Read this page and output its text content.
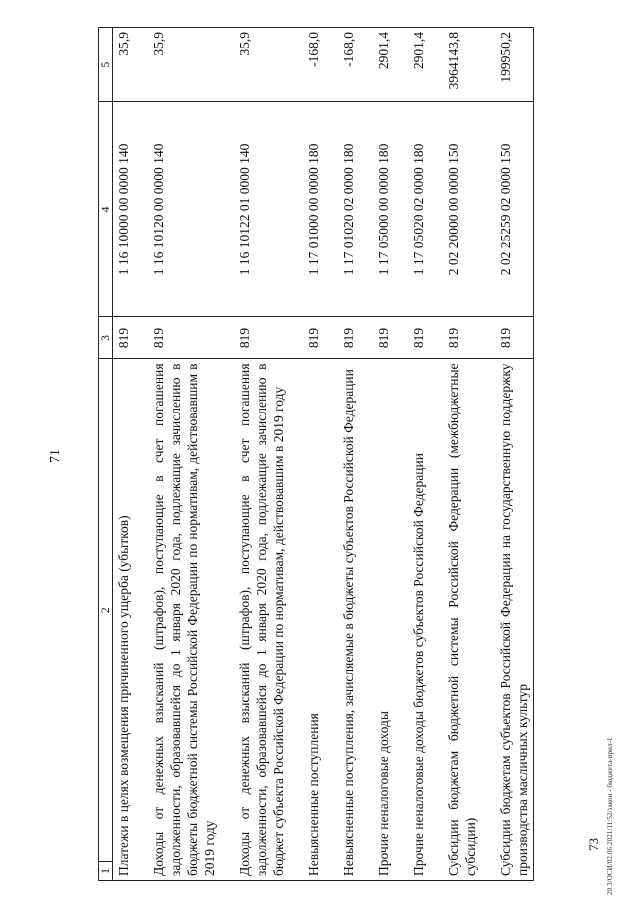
71
73 20.3/ОСИ/02.06.2021/11:52/закон - бюджета-прил-1
1	2	3	4	5
Платежи в целях возмещения причиненного ущерба (убытков)		819	1 16 10000 00 0000 140	35,9

Доходы от денежных взысканий (штрафов), поступающие в счет погашения задолженности, образовавшейся до 1 января 2020 года, подлежащие зачислению в бюджеты бюджетной системы Российской Федерации по нормативам, действовавшим в 2019 году		819	1 16 10120 00 0000 140	35,9

Доходы от денежных взысканий (штрафов), поступающие в счет погашения задолженности, образовавшейся до 1 января 2020 года, подлежащие зачислению в бюджет субъекта Российской Федерации по нормативам, действовавшим в 2019 году		819	1 16 10122 01 0000 140	35,9

Невыясненные поступления		819	1 17 01000 00 0000 180	-168,0

Невыясненные поступления, зачисляемые в бюджеты субъектов Российской Федерации		819	1 17 01020 02 0000 180	-168,0

Прочие неналоговые доходы		819	1 17 05000 00 0000 180	2901,4

Прочие неналоговые доходы бюджетов субъектов Российской Федерации		819	1 17 05020 02 0000 180	2901,4

Субсидии бюджетам бюджетной системы Российской Федерации (межбюджетные субсидии)		819	2 02 20000 00 0000 150	3964143,8

Субсидии бюджетам субъектов Российской Федерации на государственную поддержку производства масличных культур		819	2 02 25259 02 0000 150	199950,2
